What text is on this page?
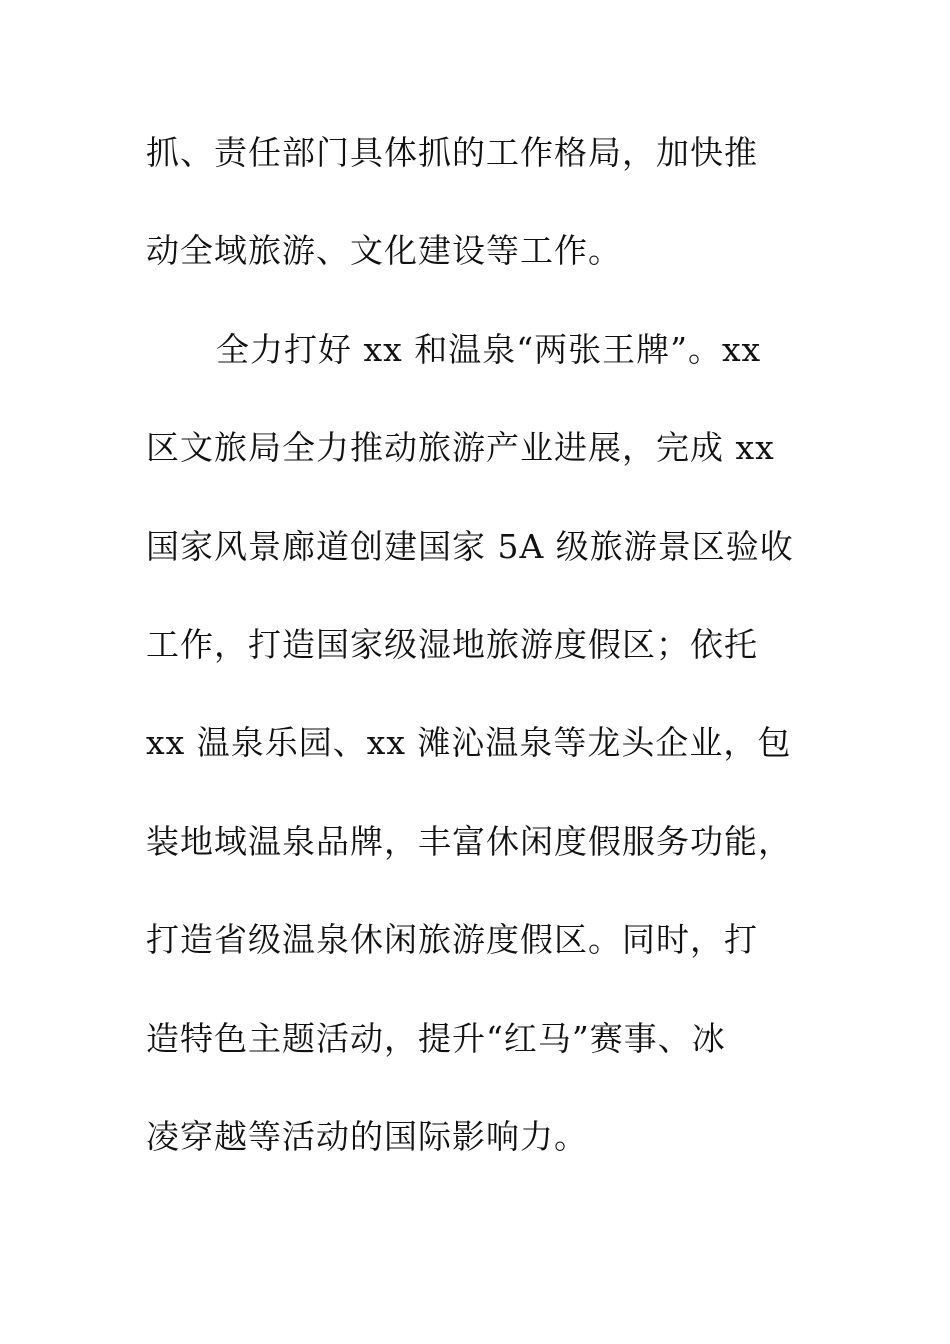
抓、责任部门具体抓的工作格局，加快推
动全域旅游、文化建设等工作。
全力打好 xx 和温泉“两张王牌”。xx
区文旅局全力推动旅游产业进展，完成 xx
国家风景廊道创建国家 5A 级旅游景区验收
工作，打造国家级湿地旅游度假区；依托
xx 温泉乐园、xx 滩沁温泉等龙头企业，包
装地域温泉品牌，丰富休闲度假服务功能，
打造省级温泉休闲旅游度假区。同时，打
造特色主题活动，提升“红马”赛事、冰
凌穿越等活动的国际影响力。
